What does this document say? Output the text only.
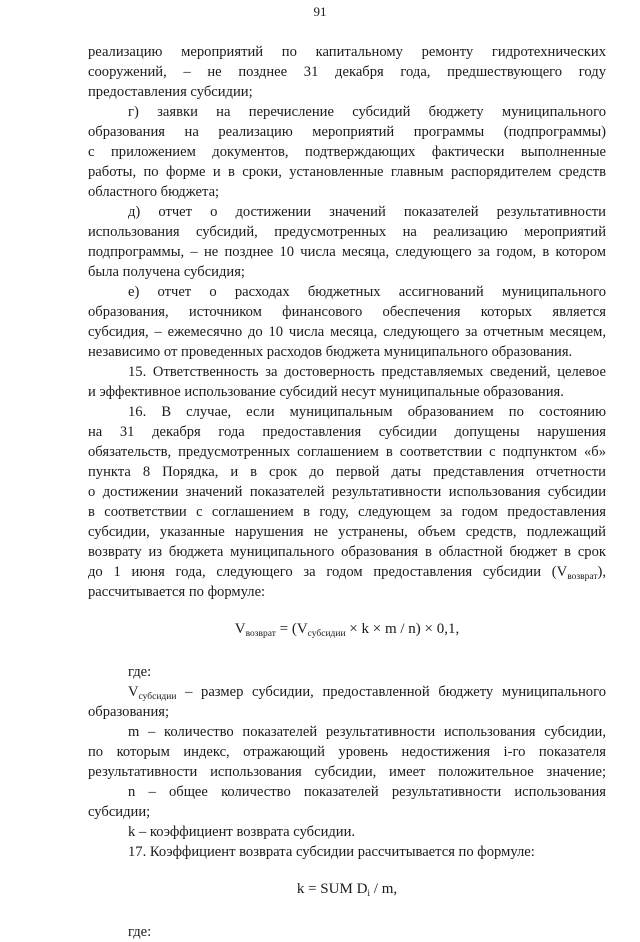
91
реализацию мероприятий по капитальному ремонту гидротехнических
сооружений, – не позднее 31 декабря года, предшествующего году
предоставления субсидии;
г) заявки на перечисление субсидий бюджету муниципального
образования на реализацию мероприятий программы (подпрограммы)
с приложением документов, подтверждающих фактически выполненные
работы, по форме и в сроки, установленные главным распорядителем средств
областного бюджета;
д) отчет о достижении значений показателей результативности
использования субсидий, предусмотренных на реализацию мероприятий
подпрограммы, – не позднее 10 числа месяца, следующего за годом, в котором
была получена субсидия;
е) отчет о расходах бюджетных ассигнований муниципального
образования, источником финансового обеспечения которых является
субсидия, – ежемесячно до 10 числа месяца, следующего за отчетным месяцем,
независимо от проведенных расходов бюджета муниципального образования.
15. Ответственность за достоверность представляемых сведений, целевое
и эффективное использование субсидий несут муниципальные образования.
16. В случае, если муниципальным образованием по состоянию
на 31 декабря года предоставления субсидии допущены нарушения
обязательств, предусмотренных соглашением в соответствии с подпунктом «б»
пункта 8 Порядка, и в срок до первой даты представления отчетности
о достижении значений показателей результативности использования субсидии
в соответствии с соглашением в году, следующем за годом предоставления
субсидии, указанные нарушения не устранены, объем средств, подлежащий
возврату из бюджета муниципального образования в областной бюджет в срок
до 1 июня года, следующего за годом предоставления субсидии $(V_{возврат})$,
рассчитывается по формуле:
$V_{возврат} = (V_{субсидии} \times k \times m / n) \times 0,1$,
где:
$V_{субсидии}$ – размер субсидии, предоставленной бюджету муниципального
образования;
m – количество показателей результативности использования субсидии,
по которым индекс, отражающий уровень недостижения i-го показателя
результативности использования субсидии, имеет положительное значение;
n – общее количество показателей результативности использования
субсидии;
k – коэффициент возврата субсидии.
17. Коэффициент возврата субсидии рассчитывается по формуле:
k = SUM $D_i$ / m,
где:
